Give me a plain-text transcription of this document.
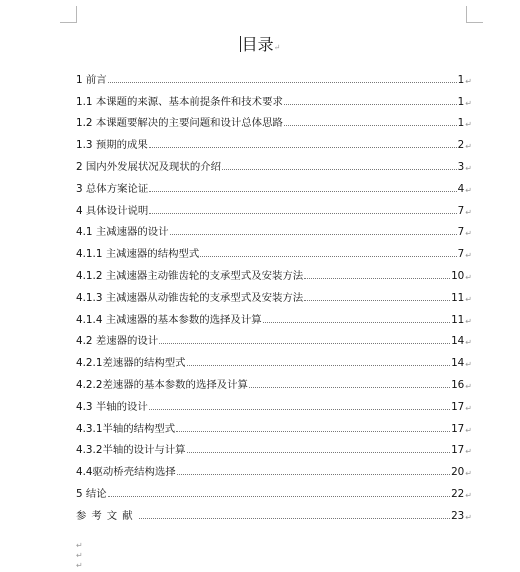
目录↵
1 前言	1 ↵
1.1 本课题的来源、基本前提条件和技术要求	1 ↵
1.2 本课题要解决的主要问题和设计总体思路	1 ↵
1.3 预期的成果	2 ↵
2 国内外发展状况及现状的介绍	3 ↵
3 总体方案论证	4 ↵
4 具体设计说明	7 ↵
4.1 主减速器的设计	7 ↵
4.1.1 主减速器的结构型式	7 ↵
4.1.2 主减速器主动锥齿轮的支承型式及安装方法	10 ↵
4.1.3 主减速器从动锥齿轮的支承型式及安装方法	11 ↵
4.1.4 主减速器的基本参数的选择及计算	11 ↵
4.2 差速器的设计	14 ↵
4.2.1差速器的结构型式	14 ↵
4.2.2差速器的基本参数的选择及计算	16 ↵
4.3 半轴的设计	17 ↵
4.3.1半轴的结构型式	17 ↵
4.3.2半轴的设计与计算	17 ↵
4.4驱动桥壳结构选择	20 ↵
5 结论	22 ↵
参考文献	23 ↵
↵
↵
↵
